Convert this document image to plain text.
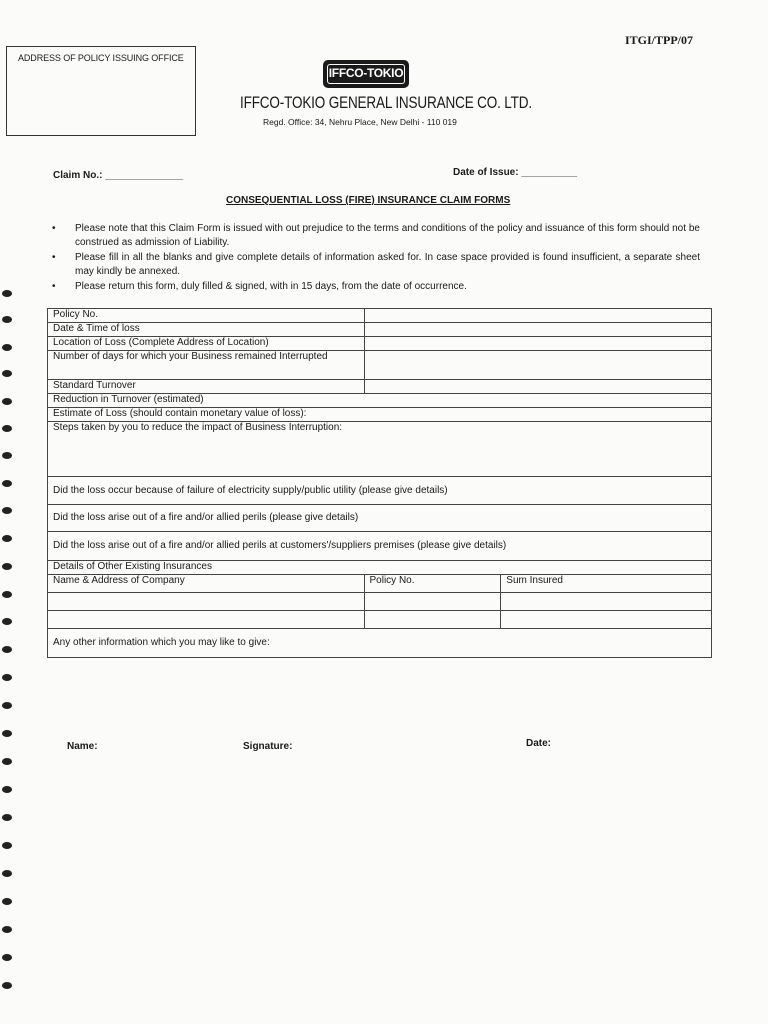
ITGI/TPP/07
ADDRESS OF POLICY ISSUING OFFICE
IFFCO-TOKIO
IFFCO-TOKIO GENERAL INSURANCE CO. LTD.
Regd. Office: 34, Nehru Place, New Delhi - 110 019
Claim No.: ______________	Date of Issue: __________
CONSEQUENTIAL LOSS (FIRE) INSURANCE CLAIM FORMS
• Please note that this Claim Form is issued with out prejudice to the terms and conditions of the policy and issuance of this form should not be construed as admission of Liability.
• Please fill in all the blanks and give complete details of information asked for. In case space provided is found insufficient, a separate sheet may kindly be annexed.
• Please return this form, duly filled & signed, with in 15 days, from the date of occurrence.
Policy No.		
Date & Time of loss		
Location of Loss (Complete Address of Location)		
Number of days for which your Business remained Interrupted		
Standard Turnover		
Reduction in Turnover (estimated)		
Estimate of Loss (should contain monetary value of loss):		
Steps taken by you to reduce the impact of Business Interruption:		
Did the loss occur because of failure of electricity supply/public utility (please give details)		
Did the loss arise out of a fire and/or allied perils (please give details)		
Did the loss arise out of a fire and/or allied perils at customers'/suppliers premises (please give details)		
Details of Other Existing Insurances		
Name & Address of Company	Policy No.	Sum Insured

Any other information which you may like to give:		
Name:	Signature:	Date:
